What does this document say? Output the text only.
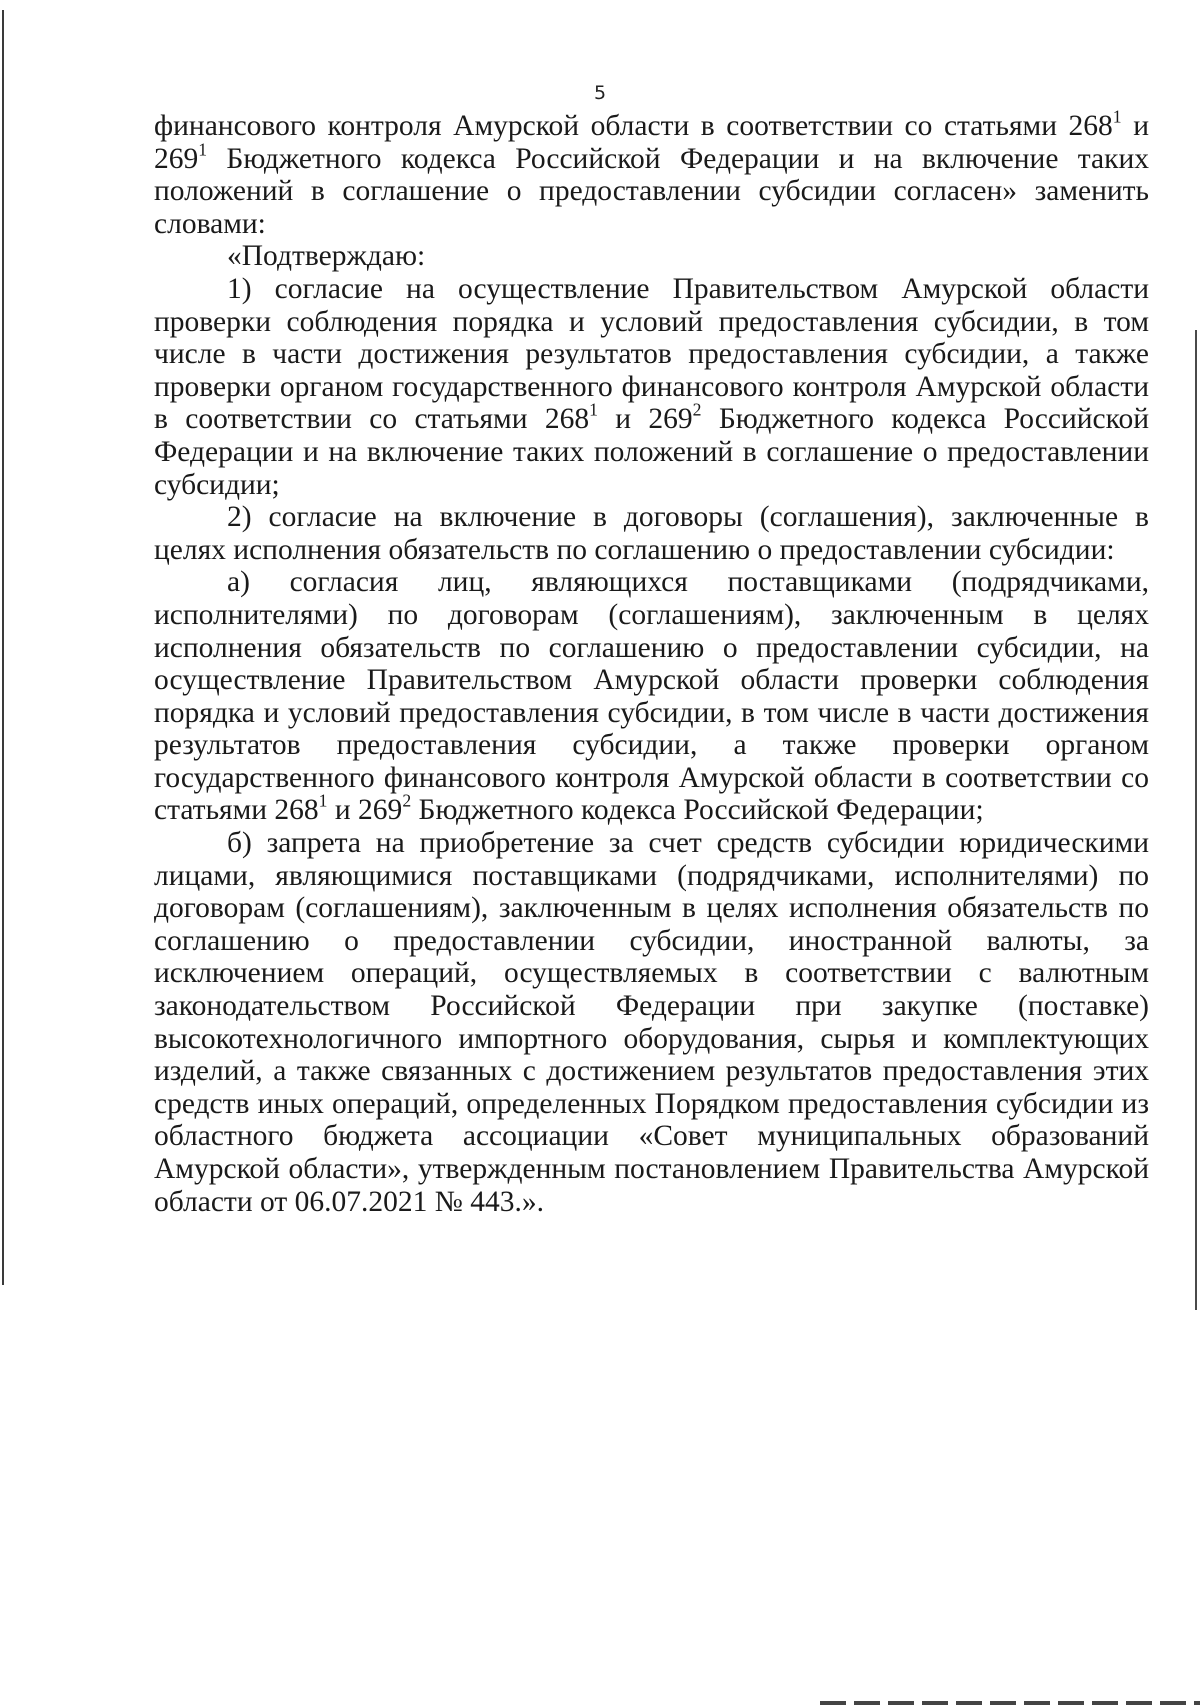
5

финансового контроля Амурской области в соответствии со статьями $268^1$ и $269^1$ Бюджетного кодекса Российской Федерации и на включение таких положений в соглашение о предоставлении субсидии согласен» заменить словами:

«Подтверждаю:

1) согласие на осуществление Правительством Амурской области проверки соблюдения порядка и условий предоставления субсидии, в том числе в части достижения результатов предоставления субсидии, а также проверки органом государственного финансового контроля Амурской области в соответствии со статьями $268^1$ и $269^2$ Бюджетного кодекса Российской Федерации и на включение таких положений в соглашение о предоставлении субсидии;

2) согласие на включение в договоры (соглашения), заключенные в целях исполнения обязательств по соглашению о предоставлении субсидии:

а) согласия лиц, являющихся поставщиками (подрядчиками, исполнителями) по договорам (соглашениям), заключенным в целях исполнения обязательств по соглашению о предоставлении субсидии, на осуществление Правительством Амурской области проверки соблюдения порядка и условий предоставления субсидии, в том числе в части достижения результатов предоставления субсидии, а также проверки органом государственного финансового контроля Амурской области в соответствии со статьями $268^1$ и $269^2$ Бюджетного кодекса Российской Федерации;

б) запрета на приобретение за счет средств субсидии юридическими лицами, являющимися поставщиками (подрядчиками, исполнителями) по договорам (соглашениям), заключенным в целях исполнения обязательств по соглашению о предоставлении субсидии, иностранной валюты, за исключением операций, осуществляемых в соответствии с валютным законодательством Российской Федерации при закупке (поставке) высокотехнологичного импортного оборудования, сырья и комплектующих изделий, а также связанных с достижением результатов предоставления этих средств иных операций, определенных Порядком предоставления субсидии из областного бюджета ассоциации «Совет муниципальных образований Амурской области», утвержденным постановлением Правительства Амурской области от 06.07.2021 № 443.».
